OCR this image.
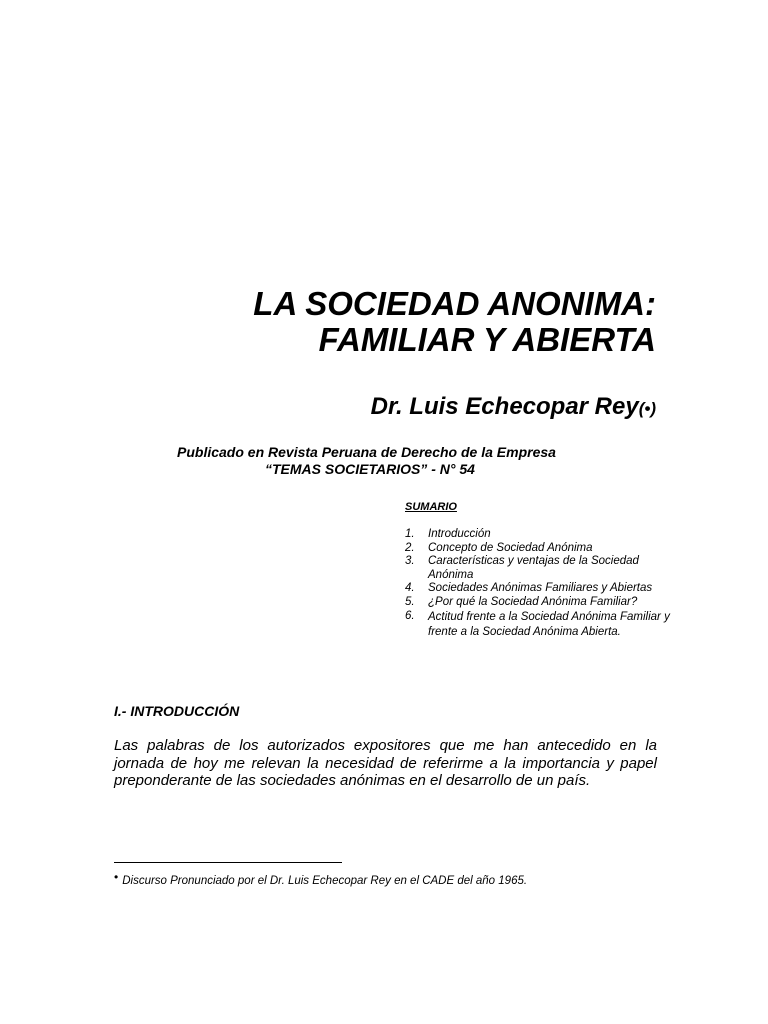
LA SOCIEDAD ANONIMA:
FAMILIAR Y ABIERTA
Dr. Luis Echecopar Rey(•)
Publicado en Revista Peruana de Derecho de la Empresa
“TEMAS SOCIETARIOS” - N° 54
SUMARIO
1.	Introducción
2.	Concepto de Sociedad Anónima
3.	Características y ventajas de la Sociedad Anónima
4.	Sociedades Anónimas Familiares y Abiertas
5.	¿Por qué la Sociedad Anónima Familiar?
6.	Actitud frente a la Sociedad Anónima Familiar y frente a la Sociedad Anónima Abierta.
I.- INTRODUCCIÓN

Las palabras de los autorizados expositores que me han antecedido en la jornada de hoy me relevan la necesidad de referirme a la importancia y papel preponderante de las sociedades anónimas en el desarrollo de un país.

• Discurso Pronunciado por el Dr. Luis Echecopar Rey en el CADE del año 1965.
